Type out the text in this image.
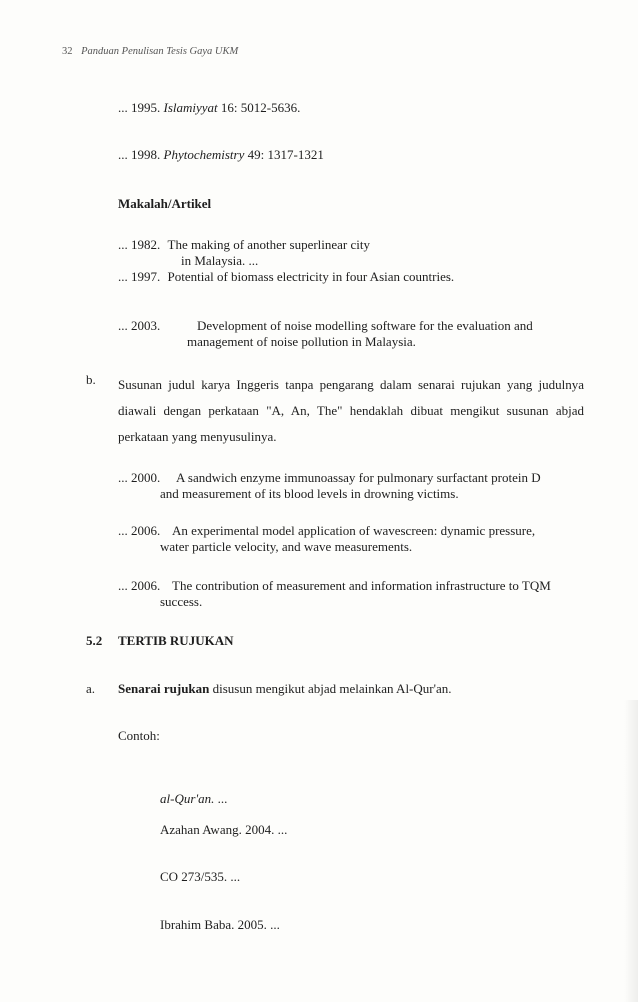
32 Panduan Penulisan Tesis Gaya UKM
... 1995. Islamiyyat 16: 5012-5636.
... 1998. Phytochemistry 49: 1317-1321
Makalah/Artikel
... 1982. The making of another superlinear city
in Malaysia. ...
... 1997. Potential of biomass electricity in four Asian countries.
... 2003.	Development of noise modelling software for the evaluation and
management of noise pollution in Malaysia.
b. Susunan judul karya Inggeris tanpa pengarang dalam senarai rujukan yang judulnya diawali dengan perkataan "A, An, The" hendaklah dibuat mengikut susunan abjad perkataan yang menyusulinya.
... 2000. A sandwich enzyme immunoassay for pulmonary surfactant protein D
and measurement of its blood levels in drowning victims.
... 2006. An experimental model application of wavescreen: dynamic pressure,
water particle velocity, and wave measurements.
... 2006. The contribution of measurement and information infrastructure to TQM
success.
5.2 TERTIB RUJUKAN
a. Senarai rujukan disusun mengikut abjad melainkan Al-Qur'an.
Contoh:
al-Qur'an. ...
Azahan Awang. 2004. ...
CO 273/535. ...
Ibrahim Baba. 2005. ...
